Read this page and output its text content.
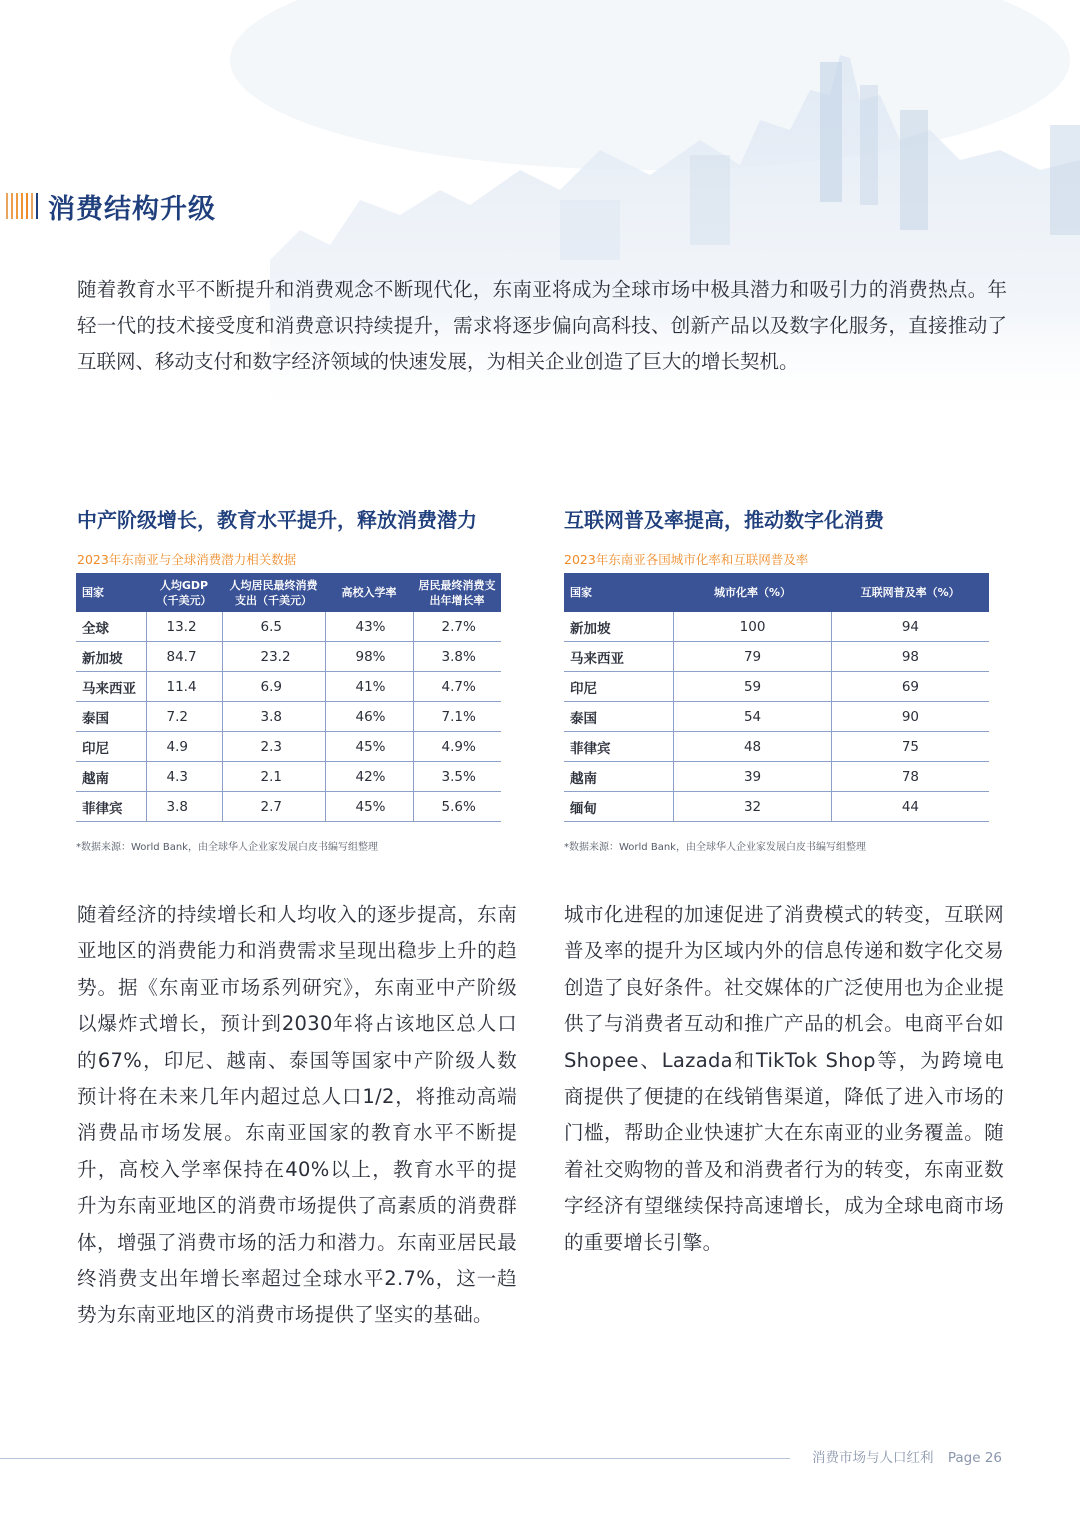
消费结构升级
随着教育水平不断提升和消费观念不断现代化，东南亚将成为全球市场中极具潜力和吸引力的消费热点。年轻一代的技术接受度和消费意识持续提升，需求将逐步偏向高科技、创新产品以及数字化服务，直接推动了互联网、移动支付和数字经济领域的快速发展，为相关企业创造了巨大的增长契机。
中产阶级增长，教育水平提升，释放消费潜力
2023年东南亚与全球消费潜力相关数据
国家	人均GDP（千美元）	人均居民最终消费支出（千美元）	高校入学率	居民最终消费支出年增长率
全球	13.2	6.5	43%	2.7%
新加坡	84.7	23.2	98%	3.8%
马来西亚	11.4	6.9	41%	4.7%
泰国	7.2	3.8	46%	7.1%
印尼	4.9	2.3	45%	4.9%
越南	4.3	2.1	42%	3.5%
菲律宾	3.8	2.7	45%	5.6%
*数据来源：World Bank，由全球华人企业家发展白皮书编写组整理
互联网普及率提高，推动数字化消费
2023年东南亚各国城市化率和互联网普及率
国家	城市化率（%）	互联网普及率（%）
新加坡	100	94
马来西亚	79	98
印尼	59	69
泰国	54	90
菲律宾	48	75
越南	39	78
缅甸	32	44
*数据来源：World Bank，由全球华人企业家发展白皮书编写组整理
随着经济的持续增长和人均收入的逐步提高，东南亚地区的消费能力和消费需求呈现出稳步上升的趋势。据《东南亚市场系列研究》，东南亚中产阶级以爆炸式增长，预计到2030年将占该地区总人口的67%，印尼、越南、泰国等国家中产阶级人数预计将在未来几年内超过总人口1/2，将推动高端消费品市场发展。东南亚国家的教育水平不断提升，高校入学率保持在40%以上，教育水平的提升为东南亚地区的消费市场提供了高素质的消费群体，增强了消费市场的活力和潜力。东南亚居民最终消费支出年增长率超过全球水平2.7%，这一趋势为东南亚地区的消费市场提供了坚实的基础。
城市化进程的加速促进了消费模式的转变，互联网普及率的提升为区域内外的信息传递和数字化交易创造了良好条件。社交媒体的广泛使用也为企业提供了与消费者互动和推广产品的机会。电商平台如Shopee、Lazada和TikTok Shop等，为跨境电商提供了便捷的在线销售渠道，降低了进入市场的门槛，帮助企业快速扩大在东南亚的业务覆盖。随着社交购物的普及和消费者行为的转变，东南亚数字经济有望继续保持高速增长，成为全球电商市场的重要增长引擎。
消费市场与人口红利 Page 26
